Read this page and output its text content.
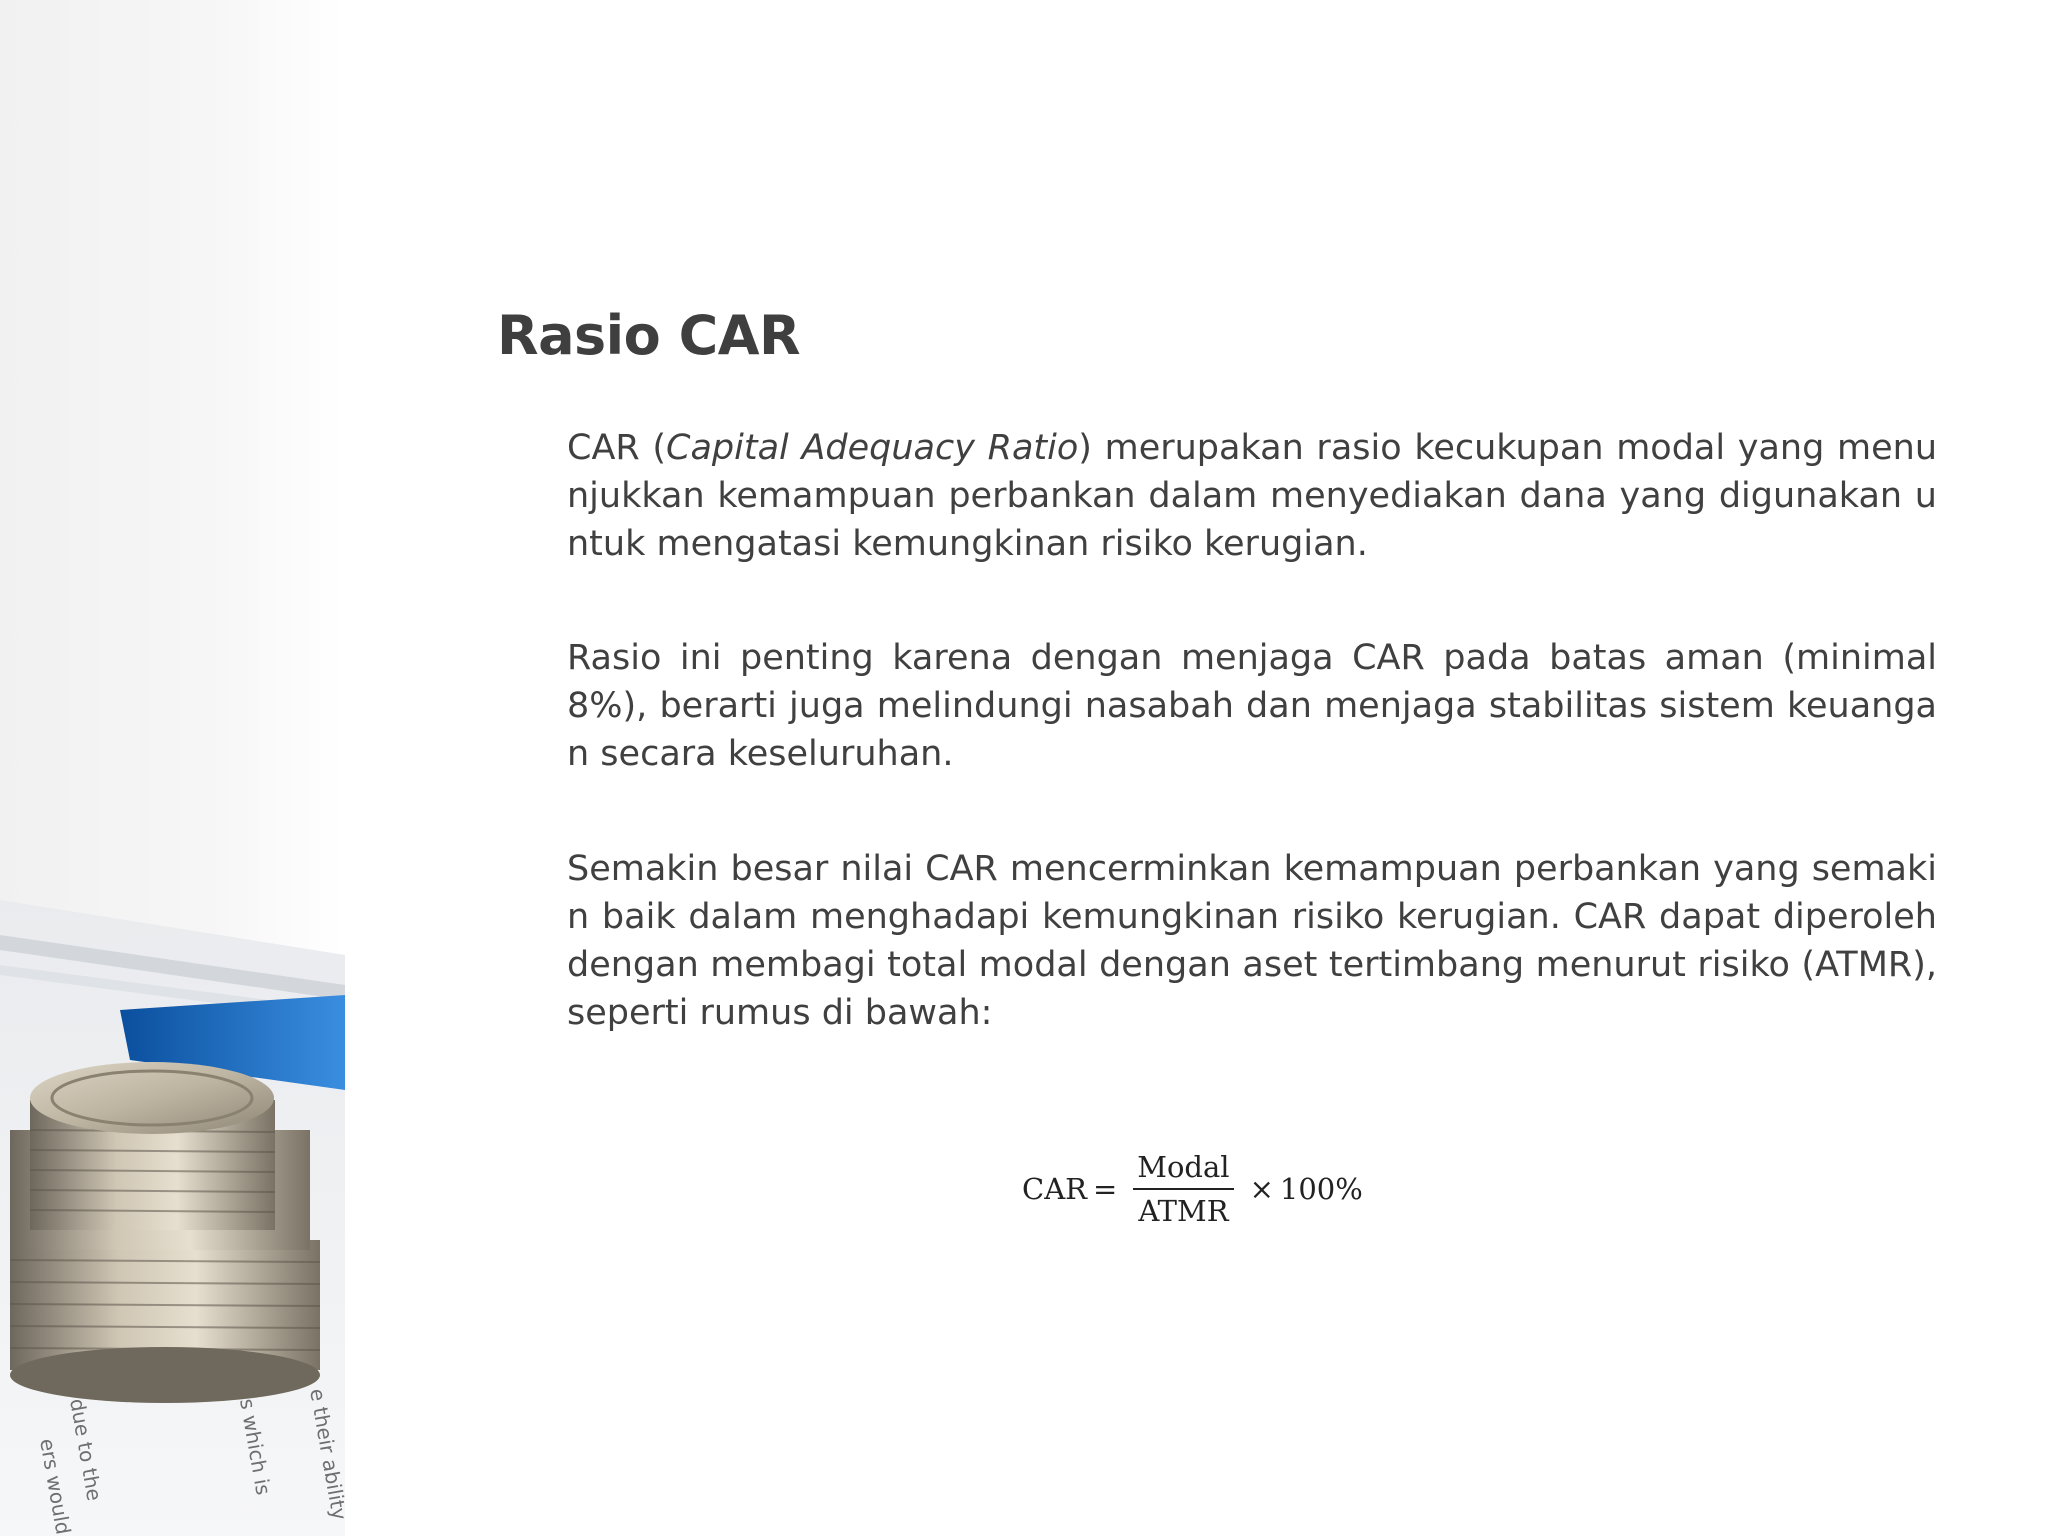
ers would
due to the	s which is e their ability
Rasio CAR

CAR (Capital Adequacy Ratio) merupakan rasio kecukupan modal yang menunjukkan kemampuan perbankan dalam menyediakan dana yang digunakan untuk mengatasi kemungkinan risiko kerugian.

Rasio ini penting karena dengan menjaga CAR pada batas aman (minimal 8%), berarti juga melindungi nasabah dan menjaga stabilitas sistem keuangan secara keseluruhan.

Semakin besar nilai CAR mencerminkan kemampuan perbankan yang semakin baik dalam menghadapi kemungkinan risiko kerugian. CAR dapat diperoleh dengan membagi total modal dengan aset tertimbang menurut risiko (ATMR), seperti rumus di bawah:

CAR = $\frac{\text{Modal}}{\text{ATMR}} \times 100\%$
